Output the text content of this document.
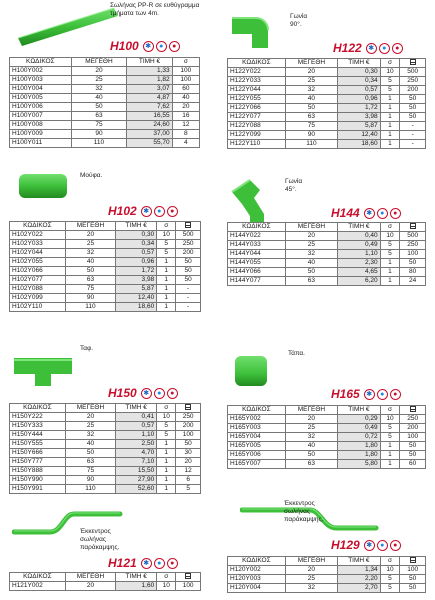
Σωλήνας PP-R σε ευθύγραμμα τμήματα των 4m.
H100 ✱	●	●
ΚΩΔΙΚΟΣ	ΜΕΓΕΘΗ	ΤΙΜΗ €	σ
H100Y002	20	1,33	100
H100Y003	25	1,82	100
H100Y004	32	3,07	60
H100Y005	40	4,87	40
H100Y006	50	7,62	20
H100Y007	63	16,55	16
H100Y008	75	24,60	12
H100Y009	90	37,00	8
H100Y011	110	55,70	4
Γωνία 90°.
H122 ✱	●	●
ΚΩΔΙΚΟΣ	ΜΕΓΕΘΗ	ΤΙΜΗ €	σ	
H122Y022	20	0,30	10	500
H122Y033	25	0,34	5	250
H122Y044	32	0,57	5	200
H122Y055	40	0,96	1	50
H122Y066	50	1,72	1	50
H122Y077	63	3,98	1	50
H122Y088	75	5,87	1	-
H122Y099	90	12,40	1	-
H122Y110	110	18,60	1	-
Μούφα.
H102 ✱	●	●
ΚΩΔΙΚΟΣ	ΜΕΓΕΘΗ	ΤΙΜΗ €	σ	
H102Y022	20	0,30	10	500
H102Y033	25	0,34	5	250
H102Y044	32	0,57	5	200
H102Y055	40	0,96	1	50
H102Y066	50	1,72	1	50
H102Y077	63	3,98	1	50
H102Y088	75	5,87	1	-
H102Y099	90	12,40	1	-
H102Y110	110	18,60	1	-
Γωνία 45°.
H144 ✱	●	●
ΚΩΔΙΚΟΣ	ΜΕΓΕΘΗ	ΤΙΜΗ €	σ	
H144Y022	20	0,40	10	500
H144Y033	25	0,49	5	250
H144Y044	32	1,10	5	100
H144Y055	40	2,30	1	50
H144Y066	50	4,65	1	80
H144Y077	63	6,20	1	24
Ταφ.
H150 ✱	●	●
ΚΩΔΙΚΟΣ	ΜΕΓΕΘΗ	ΤΙΜΗ €	σ	
H150Y222	20	0,41	10	250
H150Y333	25	0,57	5	200
H150Y444	32	1,10	5	100
H150Y555	40	2,50	1	50
H150Y666	50	4,70	1	30
H150Y777	63	7,10	1	20
H150Y888	75	15,50	1	12
H150Y990	90	27,90	1	6
H150Y991	110	52,60	1	5
Τάπα.
H165 ✱	●	●
ΚΩΔΙΚΟΣ	ΜΕΓΕΘΗ	ΤΙΜΗ €	σ	
H165Y002	20	0,29	10	250
H165Y003	25	0,49	5	200
H165Y004	32	0,72	5	100
H165Y005	40	1,80	1	50
H165Y006	50	1,80	1	50
H165Y007	63	5,80	1	60
Έκκεντρος σωλήνας παράκαμψης.
H121 ✱	●	●
ΚΩΔΙΚΟΣ	ΜΕΓΕΘΗ	ΤΙΜΗ €	σ	
H121Y002	20	1,60	10	100
Έκκεντρος σωλήνας παράκαμψης.
H129 ✱	●	●
ΚΩΔΙΚΟΣ	ΜΕΓΕΘΗ	ΤΙΜΗ €	σ	
H120Y002	20	1,34	10	100
H120Y003	25	2,20	5	50
H120Y004	32	2,70	5	50
